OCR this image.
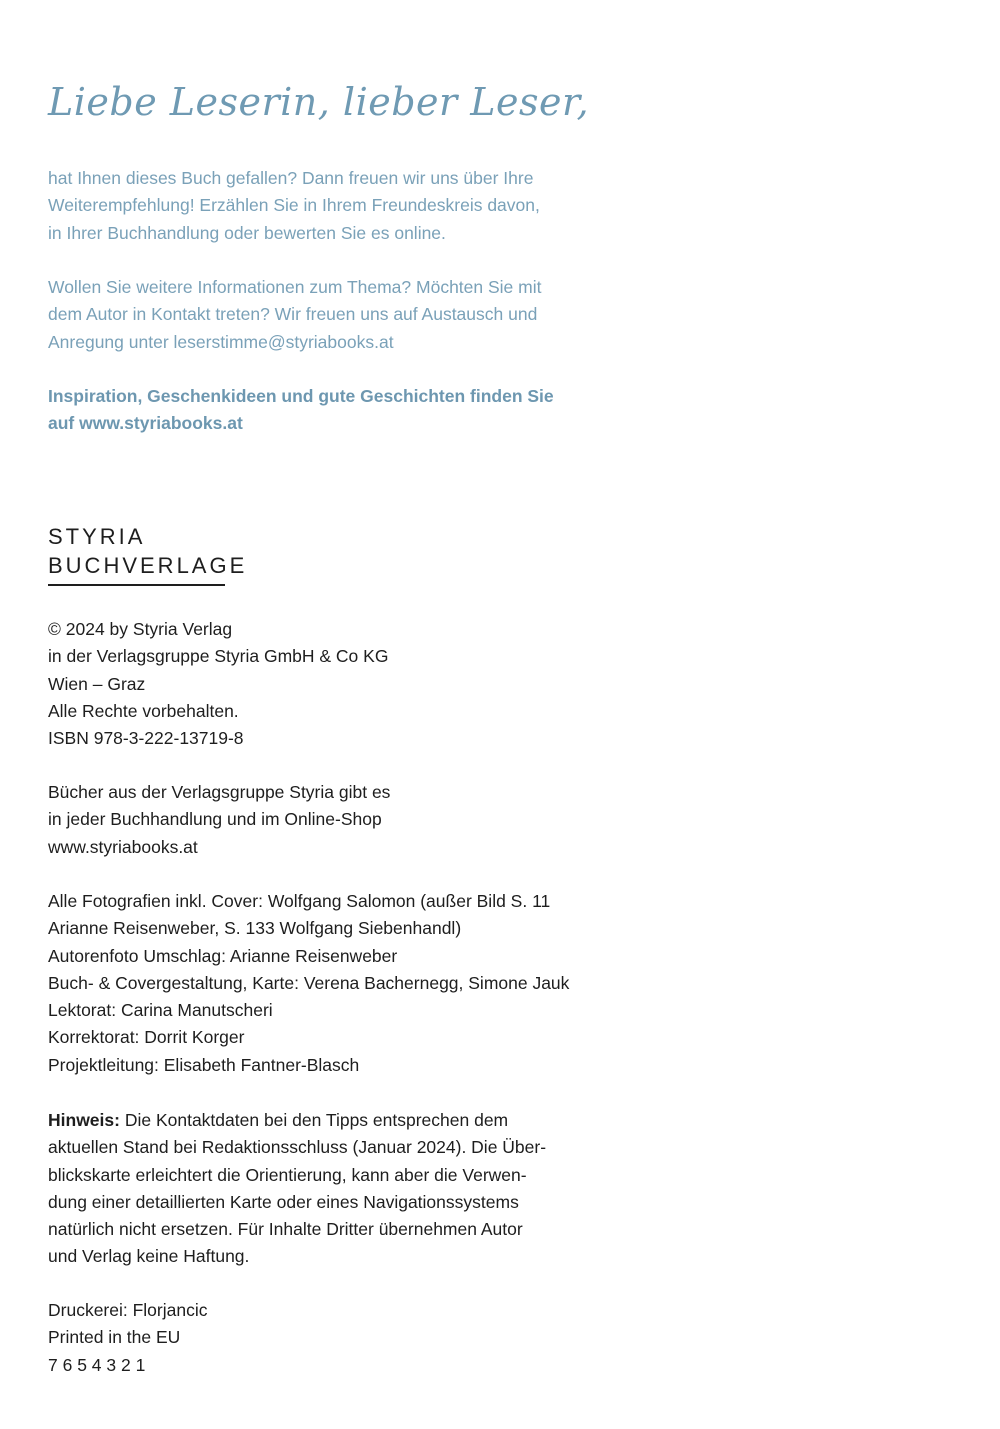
Liebe Leserin, lieber Leser,
hat Ihnen dieses Buch gefallen? Dann freuen wir uns über Ihre
Weiterempfehlung! Erzählen Sie in Ihrem Freundeskreis davon,
in Ihrer Buchhandlung oder bewerten Sie es online.
Wollen Sie weitere Informationen zum Thema? Möchten Sie mit
dem Autor in Kontakt treten? Wir freuen uns auf Austausch und
Anregung unter leserstimme@styriabooks.at
Inspiration, Geschenkideen und gute Geschichten finden Sie
auf www.styriabooks.at
STYRIA
BUCHVERLAGE
© 2024 by Styria Verlag
in der Verlagsgruppe Styria GmbH & Co KG
Wien – Graz
Alle Rechte vorbehalten.
ISBN 978-3-222-13719-8
Bücher aus der Verlagsgruppe Styria gibt es
in jeder Buchhandlung und im Online-Shop
www.styriabooks.at
Alle Fotografien inkl. Cover: Wolfgang Salomon (außer Bild S. 11
Arianne Reisenweber, S. 133 Wolfgang Siebenhandl)
Autorenfoto Umschlag: Arianne Reisenweber
Buch- & Covergestaltung, Karte: Verena Bachernegg, Simone Jauk
Lektorat: Carina Manutscheri
Korrektorat: Dorrit Korger
Projektleitung: Elisabeth Fantner-Blasch
Hinweis: Die Kontaktdaten bei den Tipps entsprechen dem
aktuellen Stand bei Redaktionsschluss (Januar 2024). Die Über-
blickskarte erleichtert die Orientierung, kann aber die Verwen-
dung einer detaillierten Karte oder eines Navigationssystems
natürlich nicht ersetzen. Für Inhalte Dritter übernehmen Autor
und Verlag keine Haftung.
Druckerei: Florjancic
Printed in the EU
7 6 5 4 3 2 1
